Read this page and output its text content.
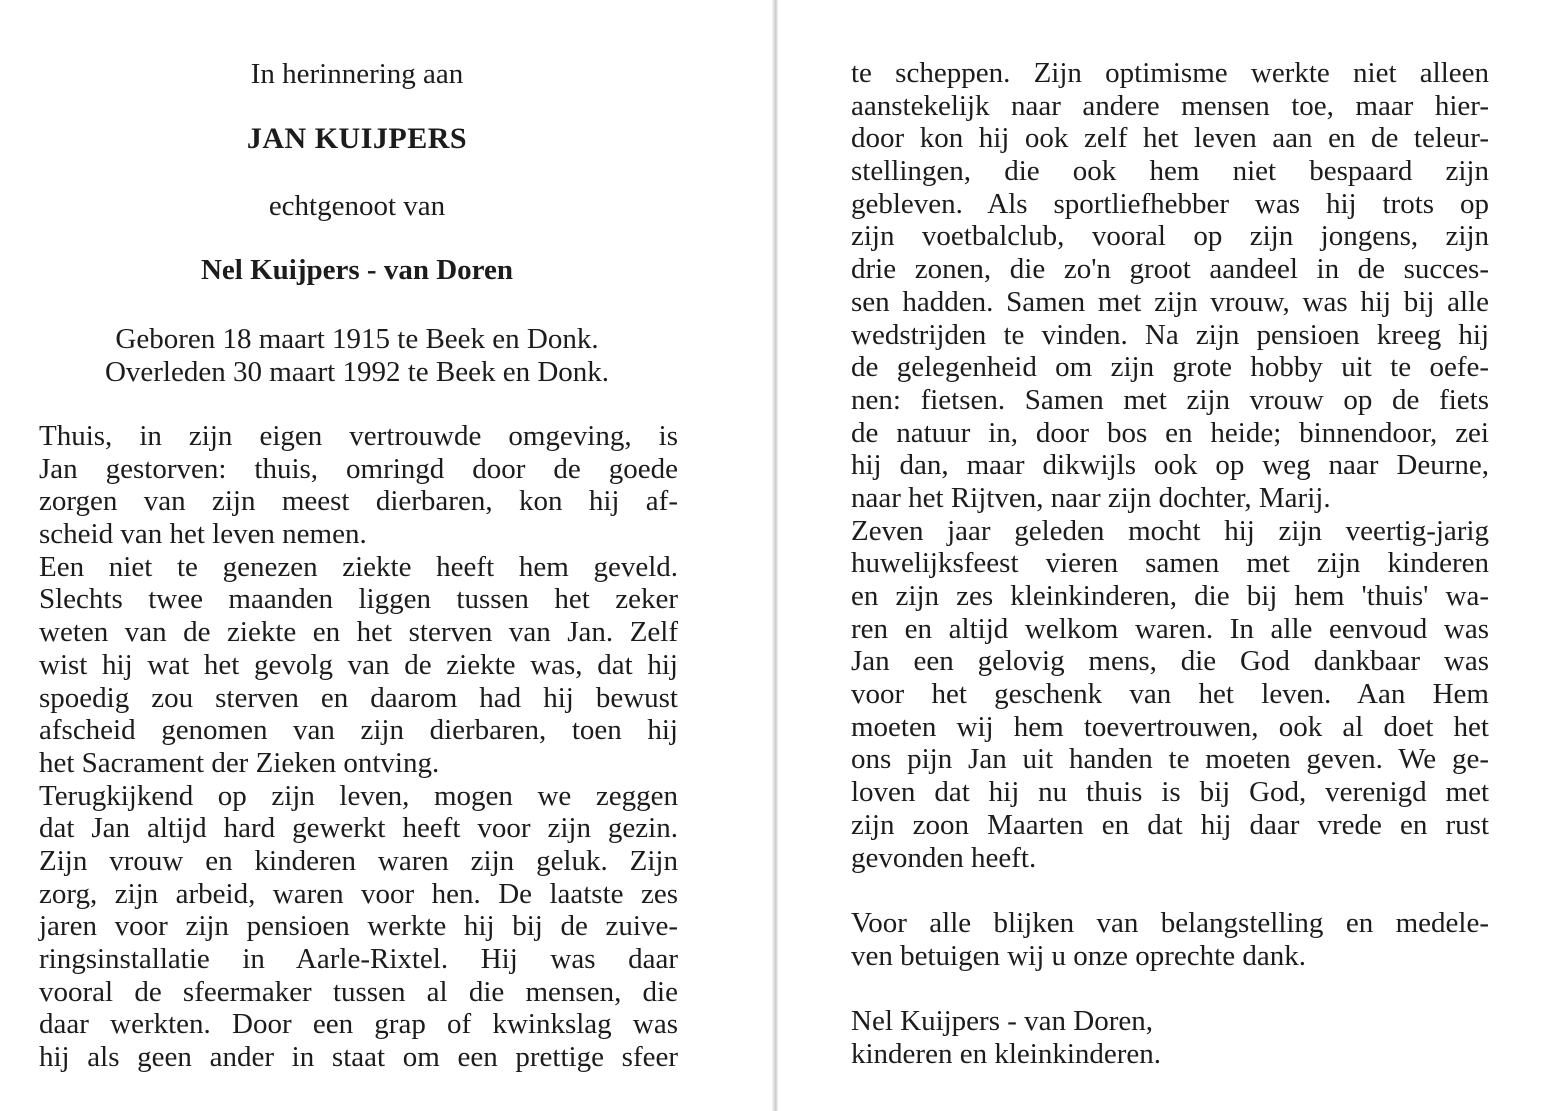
In herinnering aan
JAN KUIJPERS
echtgenoot van
Nel Kuijpers - van Doren
Geboren 18 maart 1915 te Beek en Donk.
Overleden 30 maart 1992 te Beek en Donk.
Thuis, in zijn eigen vertrouwde omgeving, is
Jan gestorven: thuis, omringd door de goede
zorgen van zijn meest dierbaren, kon hij af-
scheid van het leven nemen.
Een niet te genezen ziekte heeft hem geveld.
Slechts twee maanden liggen tussen het zeker
weten van de ziekte en het sterven van Jan. Zelf
wist hij wat het gevolg van de ziekte was, dat hij
spoedig zou sterven en daarom had hij bewust
afscheid genomen van zijn dierbaren, toen hij
het Sacrament der Zieken ontving.
Terugkijkend op zijn leven, mogen we zeggen
dat Jan altijd hard gewerkt heeft voor zijn gezin.
Zijn vrouw en kinderen waren zijn geluk. Zijn
zorg, zijn arbeid, waren voor hen. De laatste zes
jaren voor zijn pensioen werkte hij bij de zuive-
ringsinstallatie in Aarle-Rixtel. Hij was daar
vooral de sfeermaker tussen al die mensen, die
daar werkten. Door een grap of kwinkslag was
hij als geen ander in staat om een prettige sfeer
te scheppen. Zijn optimisme werkte niet alleen
aanstekelijk naar andere mensen toe, maar hier-
door kon hij ook zelf het leven aan en de teleur-
stellingen, die ook hem niet bespaard zijn
gebleven. Als sportliefhebber was hij trots op
zijn voetbalclub, vooral op zijn jongens, zijn
drie zonen, die zo'n groot aandeel in de succes-
sen hadden. Samen met zijn vrouw, was hij bij alle
wedstrijden te vinden. Na zijn pensioen kreeg hij
de gelegenheid om zijn grote hobby uit te oefe-
nen: fietsen. Samen met zijn vrouw op de fiets
de natuur in, door bos en heide; binnendoor, zei
hij dan, maar dikwijls ook op weg naar Deurne,
naar het Rijtven, naar zijn dochter, Marij.
Zeven jaar geleden mocht hij zijn veertig-jarig
huwelijksfeest vieren samen met zijn kinderen
en zijn zes kleinkinderen, die bij hem 'thuis' wa-
ren en altijd welkom waren. In alle eenvoud was
Jan een gelovig mens, die God dankbaar was
voor het geschenk van het leven. Aan Hem
moeten wij hem toevertrouwen, ook al doet het
ons pijn Jan uit handen te moeten geven. We ge-
loven dat hij nu thuis is bij God, verenigd met
zijn zoon Maarten en dat hij daar vrede en rust
gevonden heeft.
Voor alle blijken van belangstelling en medele-
ven betuigen wij u onze oprechte dank.
Nel Kuijpers - van Doren,
kinderen en kleinkinderen.
